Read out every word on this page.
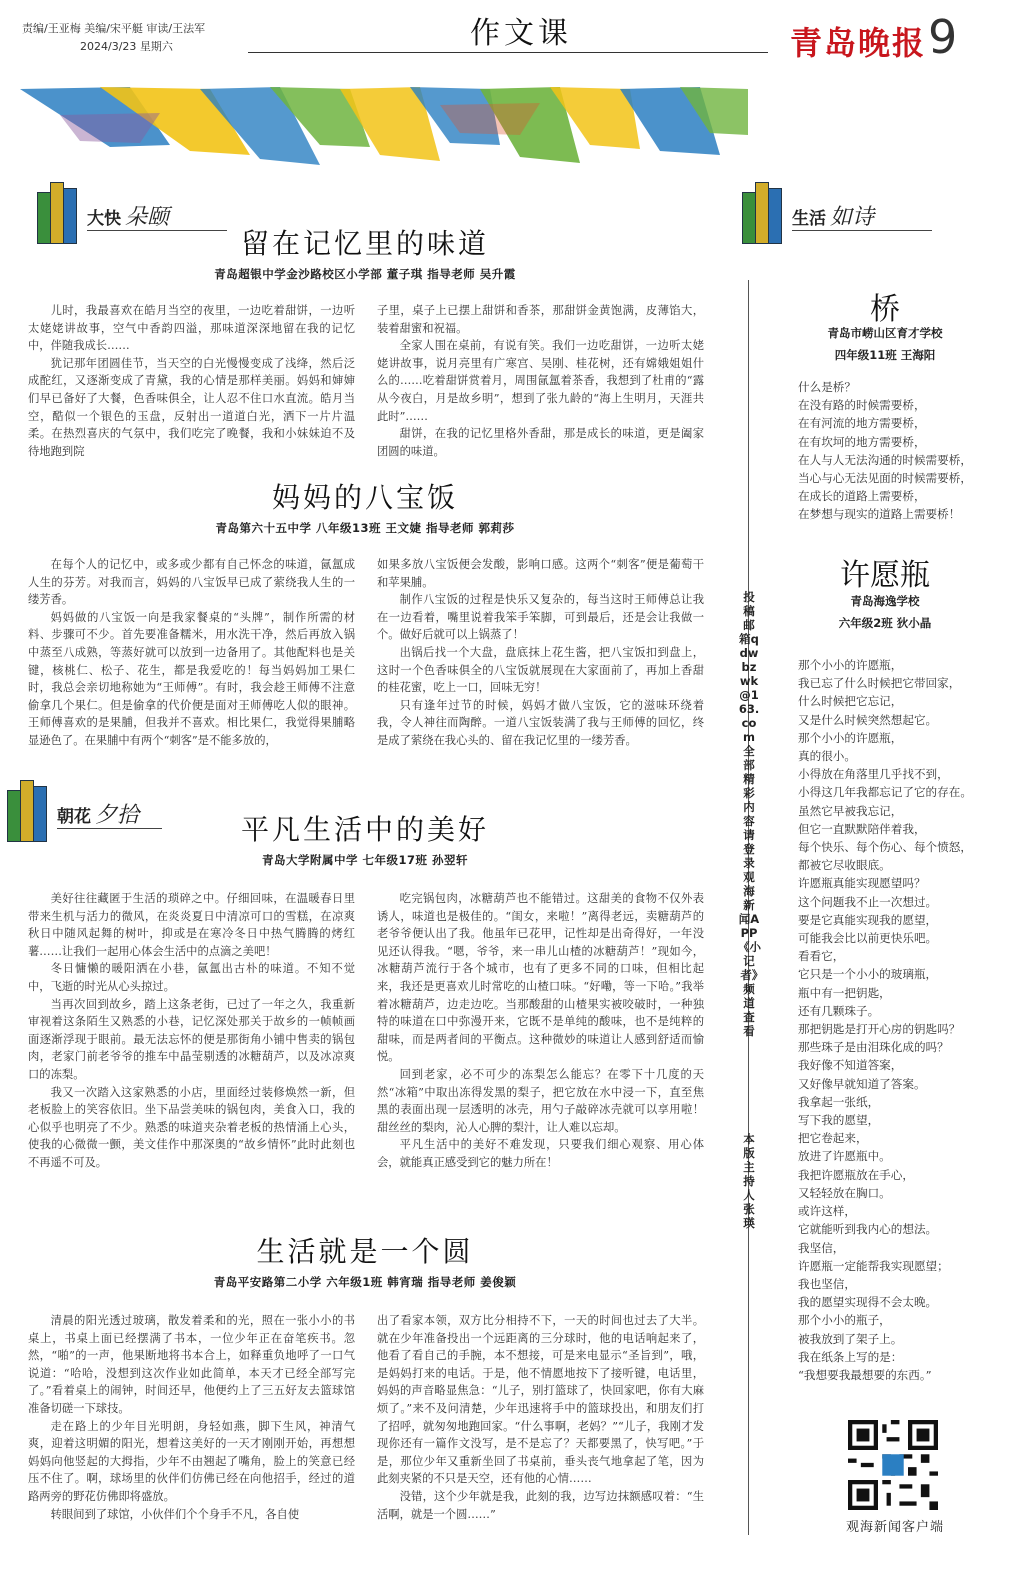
责编/王亚梅 美编/宋平艇 审读/王法军
2024/3/23 星期六	作文课	青岛晚报 9
大快 朵颐
留在记忆里的味道
青岛超银中学金沙路校区小学部 董子琪 指导老师 吴升霞

儿时，我最喜欢在皓月当空的夜里，一边吃着甜饼，一边听太姥姥讲故事，空气中香韵四溢，那味道深深地留在我的记忆中，伴随我成长……

犹记那年团圆佳节，当天空的白光慢慢变成了浅绛，然后泛成酡红，又逐渐变成了青黛，我的心情是那样美丽。妈妈和婶婶们早已备好了大餐，色香味俱全，让人忍不住口水直流。皓月当空，酷似一个银色的玉盘，反射出一道道白光，洒下一片片温柔。在热烈喜庆的气氛中，我们吃完了晚餐，我和小妹妹迫不及待地跑到院

子里，桌子上已摆上甜饼和香茶，那甜饼金黄饱满，皮薄馅大，装着甜蜜和祝福。

全家人围在桌前，有说有笑。我们一边吃甜饼，一边听太姥姥讲故事，说月亮里有广寒宫、吴刚、桂花树，还有嫦娥姐姐什么的……吃着甜饼赏着月，周围氤氲着茶香，我想到了杜甫的“露从今夜白，月是故乡明”，想到了张九龄的“海上生明月，天涯共此时”……

甜饼，在我的记忆里格外香甜，那是成长的味道，更是阖家团圆的味道。

妈妈的八宝饭
青岛第六十五中学 八年级13班 王文婕 指导老师 郭莉莎

在每个人的记忆中，或多或少都有自己怀念的味道，氤氲成人生的芬芳。对我而言，妈妈的八宝饭早已成了萦绕我人生的一缕芳香。

妈妈做的八宝饭一向是我家餐桌的“头牌”，制作所需的材料、步骤可不少。首先要准备糯米，用水洗干净，然后再放入锅中蒸至八成熟，等蒸好就可以放到一边备用了。其他配料也是关键，核桃仁、松子、花生，都是我爱吃的！每当妈妈加工果仁时，我总会亲切地称她为“王师傅”。有时，我会趁王师傅不注意偷拿几个果仁。但是偷拿的代价便是面对王师傅吃人似的眼神。王师傅喜欢的是果脯，但我并不喜欢。相比果仁，我觉得果脯略显逊色了。在果脯中有两个“刺客”是不能多放的，

如果多放八宝饭便会发酸，影响口感。这两个“刺客”便是葡萄干和苹果脯。

制作八宝饭的过程是快乐又复杂的，每当这时王师傅总让我在一边看着，嘴里说着我笨手笨脚，可到最后，还是会让我做一个。做好后就可以上锅蒸了！

出锅后找一个大盘，盘底抹上花生酱，把八宝饭扣到盘上，这时一个色香味俱全的八宝饭就展现在大家面前了，再加上香甜的桂花蜜，吃上一口，回味无穷！

只有逢年过节的时候，妈妈才做八宝饭，它的滋味环绕着我，令人神往而陶醉。一道八宝饭装满了我与王师傅的回忆，终是成了萦绕在我心头的、留在我记忆里的一缕芳香。

朝花 夕拾	平凡生活中的美好
青岛大学附属中学 七年级17班 孙翌轩

美好往往藏匿于生活的琐碎之中。仔细回味，在温暖春日里带来生机与活力的微风，在炎炎夏日中清凉可口的雪糕，在凉爽秋日中随风起舞的树叶，抑或是在寒冷冬日中热气腾腾的烤红薯……让我们一起用心体会生活中的点滴之美吧！

冬日慵懒的暖阳洒在小巷，氤氲出古朴的味道。不知不觉中，飞逝的时光从心头掠过。

当再次回到故乡，踏上这条老街，已过了一年之久，我重新审视着这条陌生又熟悉的小巷，记忆深处那关于故乡的一帧帧画面逐渐浮现于眼前。最无法忘怀的便是那街角小铺中售卖的锅包肉，老家门前老爷爷的推车中晶莹剔透的冰糖葫芦，以及冰凉爽口的冻梨。

我又一次踏入这家熟悉的小店，里面经过装修焕然一新，但老板脸上的笑容依旧。坐下品尝美味的锅包肉，美食入口，我的心似乎也明亮了不少。熟悉的味道夹杂着老板的热情涌上心头，使我的心微微一颤，美文佳作中那深奥的“故乡情怀”此时此刻也不再遥不可及。

吃完锅包肉，冰糖葫芦也不能错过。这甜美的食物不仅外表诱人，味道也是极佳的。“闺女，来啦！”离得老远，卖糖葫芦的老爷爷便认出了我。他虽年已花甲，记性却是出奇得好，一年没见还认得我。“嗯，爷爷，来一串儿山楂的冰糖葫芦！”现如今，冰糖葫芦流行于各个城市，也有了更多不同的口味，但相比起来，我还是更喜欢儿时常吃的山楂口味。“好嘞，等一下哈。”我举着冰糖葫芦，边走边吃。当那酸甜的山楂果实被咬破时，一种独特的味道在口中弥漫开来，它既不是单纯的酸味，也不是纯粹的甜味，而是两者间的平衡点。这种微妙的味道让人感到舒适而愉悦。

回到老家，必不可少的冻梨怎么能忘？在零下十几度的天然“冰箱”中取出冻得发黑的梨子，把它放在水中浸一下，直至焦黑的表面出现一层透明的冰壳，用勺子敲碎冰壳就可以享用啦！甜丝丝的梨肉，沁人心脾的梨汁，让人难以忘却。

平凡生活中的美好不难发现，只要我们细心观察、用心体会，就能真正感受到它的魅力所在！

生活就是一个圆
青岛平安路第二小学 六年级1班 韩宵瑞 指导老师 姜俊颖

清晨的阳光透过玻璃，散发着柔和的光，照在一张小小的书桌上，书桌上面已经摆满了书本，一位少年正在奋笔疾书。忽然，“啪”的一声，他果断地将书本合上，如释重负地呼了一口气说道：“哈哈，没想到这次作业如此简单，本天才已经全部写完了。”看着桌上的闹钟，时间还早，他便约上了三五好友去篮球馆准备切磋一下球技。

走在路上的少年目光明朗，身轻如燕，脚下生风，神清气爽，迎着这明媚的阳光，想着这美好的一天才刚刚开始，再想想妈妈向他竖起的大拇指，少年不由翘起了嘴角，脸上的笑意已经压不住了。啊，球场里的伙伴们仿佛已经在向他招手，经过的道路两旁的野花仿佛即将盛放。

转眼间到了球馆，小伙伴们个个身手不凡，各自使

出了看家本领，双方比分相持不下，一天的时间也过去了大半。就在少年准备投出一个远距离的三分球时，他的电话响起来了，他看了看自己的手腕，本不想接，可是来电显示“圣旨到”，哦，是妈妈打来的电话。于是，他不情愿地按下了接听键，电话里，妈妈的声音略显焦急：“儿子，别打篮球了，快回家吧，你有大麻烦了。”来不及问清楚，少年迅速将手中的篮球投出，和朋友们打了招呼，就匆匆地跑回家。“什么事啊，老妈？”“儿子，我刚才发现你还有一篇作文没写，是不是忘了？天都要黑了，快写吧。”于是，那位少年又重新坐回了书桌前，垂头丧气地拿起了笔，因为此刻夹紧的不只是天空，还有他的心情……

没错，这个少年就是我，此刻的我，边写边抹额感叹着：“生活啊，就是一个圆……”

投稿邮箱qdwbzwk@163.com 全部精彩内容请登录观海新闻APP《小记者》频道查看
本版主持人 张瑛
生活 如诗
桥
青岛市崂山区育才学校
四年级11班 王海阳
什么是桥？
在没有路的时候需要桥，
在有河流的地方需要桥，
在有坎坷的地方需要桥，
在人与人无法沟通的时候需要桥，
当心与心无法见面的时候需要桥，
在成长的道路上需要桥，
在梦想与现实的道路上需要桥！
许愿瓶
青岛海逸学校
六年级2班 狄小晶
那个小小的许愿瓶，
我已忘了什么时候把它带回家，
什么时候把它忘记，
又是什么时候突然想起它。
那个小小的许愿瓶，
真的很小。
小得放在角落里几乎找不到，
小得这几年我都忘记了它的存在。
虽然它早被我忘记，
但它一直默默陪伴着我，
每个快乐、每个伤心、每个愤怒，
都被它尽收眼底。
许愿瓶真能实现愿望吗？
这个问题我不止一次想过。
要是它真能实现我的愿望，
可能我会比以前更快乐吧。
看看它，
它只是一个小小的玻璃瓶，
瓶中有一把钥匙，
还有几颗珠子。
那把钥匙是打开心房的钥匙吗？
那些珠子是由泪珠化成的吗？
我好像不知道答案，
又好像早就知道了答案。
我拿起一张纸，
写下我的愿望，
把它卷起来，
放进了许愿瓶中。
我把许愿瓶放在手心，
又轻轻放在胸口。
或许这样，
它就能听到我内心的想法。
我坚信，
许愿瓶一定能帮我实现愿望；
我也坚信，
我的愿望实现得不会太晚。
那个小小的瓶子，
被我放到了架子上。
我在纸条上写的是：
“我想要我最想要的东西。”
观海新闻客户端
